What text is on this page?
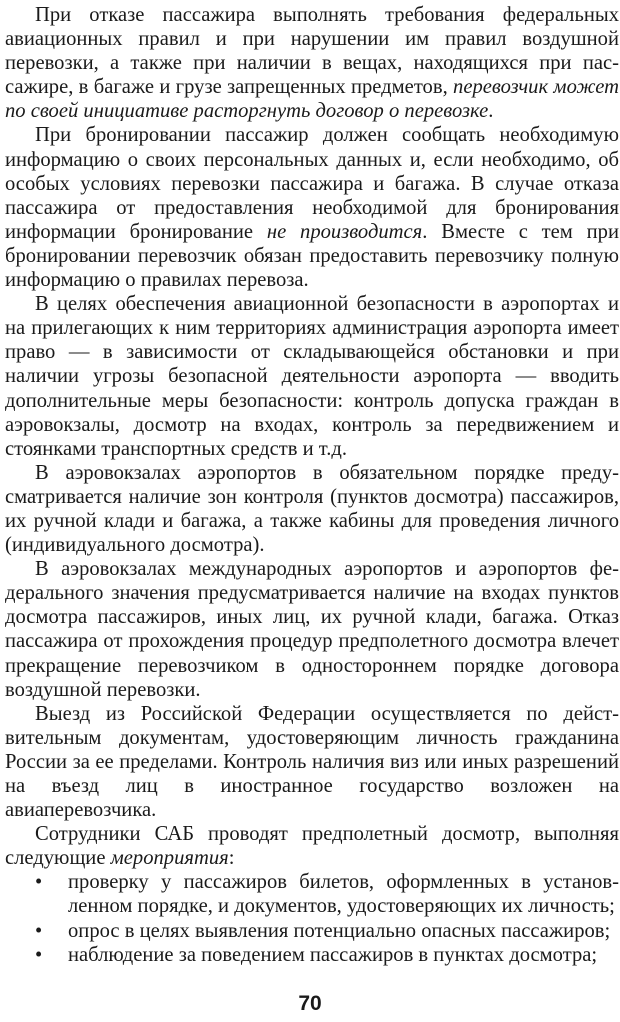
При отказе пассажира выполнять требования федеральных авиационных правил и при нарушении им правил воздушной перевозки, а также при наличии в вещах, находящихся при пассажире, в багаже и грузе запрещенных предметов, перевозчик может по своей инициативе расторгнуть договор о перевозке.

При бронировании пассажир должен сообщать необходимую информацию о своих персональных данных и, если необходимо, об особых условиях перевозки пассажира и багажа. В случае отказа пассажира от предоставления необходимой для бронирования информации бронирование не производится. Вместе с тем при бронировании перевозчик обязан предоставить перевозчику полную информацию о правилах перевоза.

В целях обеспечения авиационной безопасности в аэропортах и на прилегающих к ним территориях администрация аэропорта имеет право — в зависимости от складывающейся обстановки и при наличии угрозы безопасной деятельности аэропорта — вводить дополнительные меры безопасности: контроль допуска граждан в аэровокзалы, досмотр на входах, контроль за передвижением и стоянками транспортных средств и т.д.

В аэровокзалах аэропортов в обязательном порядке предусматривается наличие зон контроля (пунктов досмотра) пассажиров, их ручной клади и багажа, а также кабины для проведения личного (индивидуального досмотра).

В аэровокзалах международных аэропортов и аэропортов федерального значения предусматривается наличие на входах пунктов досмотра пассажиров, иных лиц, их ручной клади, багажа. Отказ пассажира от прохождения процедур предполетного досмотра влечет прекращение перевозчиком в одностороннем порядке договора воздушной перевозки.

Выезд из Российской Федерации осуществляется по действительным документам, удостоверяющим личность гражданина России за ее пределами. Контроль наличия виз или иных разрешений на въезд лиц в иностранное государство возложен на авиаперевозчика.

Сотрудники САБ проводят предполетный досмотр, выполняя следующие мероприятия:

• проверку у пассажиров билетов, оформленных в установленном порядке, и документов, удостоверяющих их личность;
• опрос в целях выявления потенциально опасных пассажиров;
• наблюдение за поведением пассажиров в пунктах досмотра;
70
